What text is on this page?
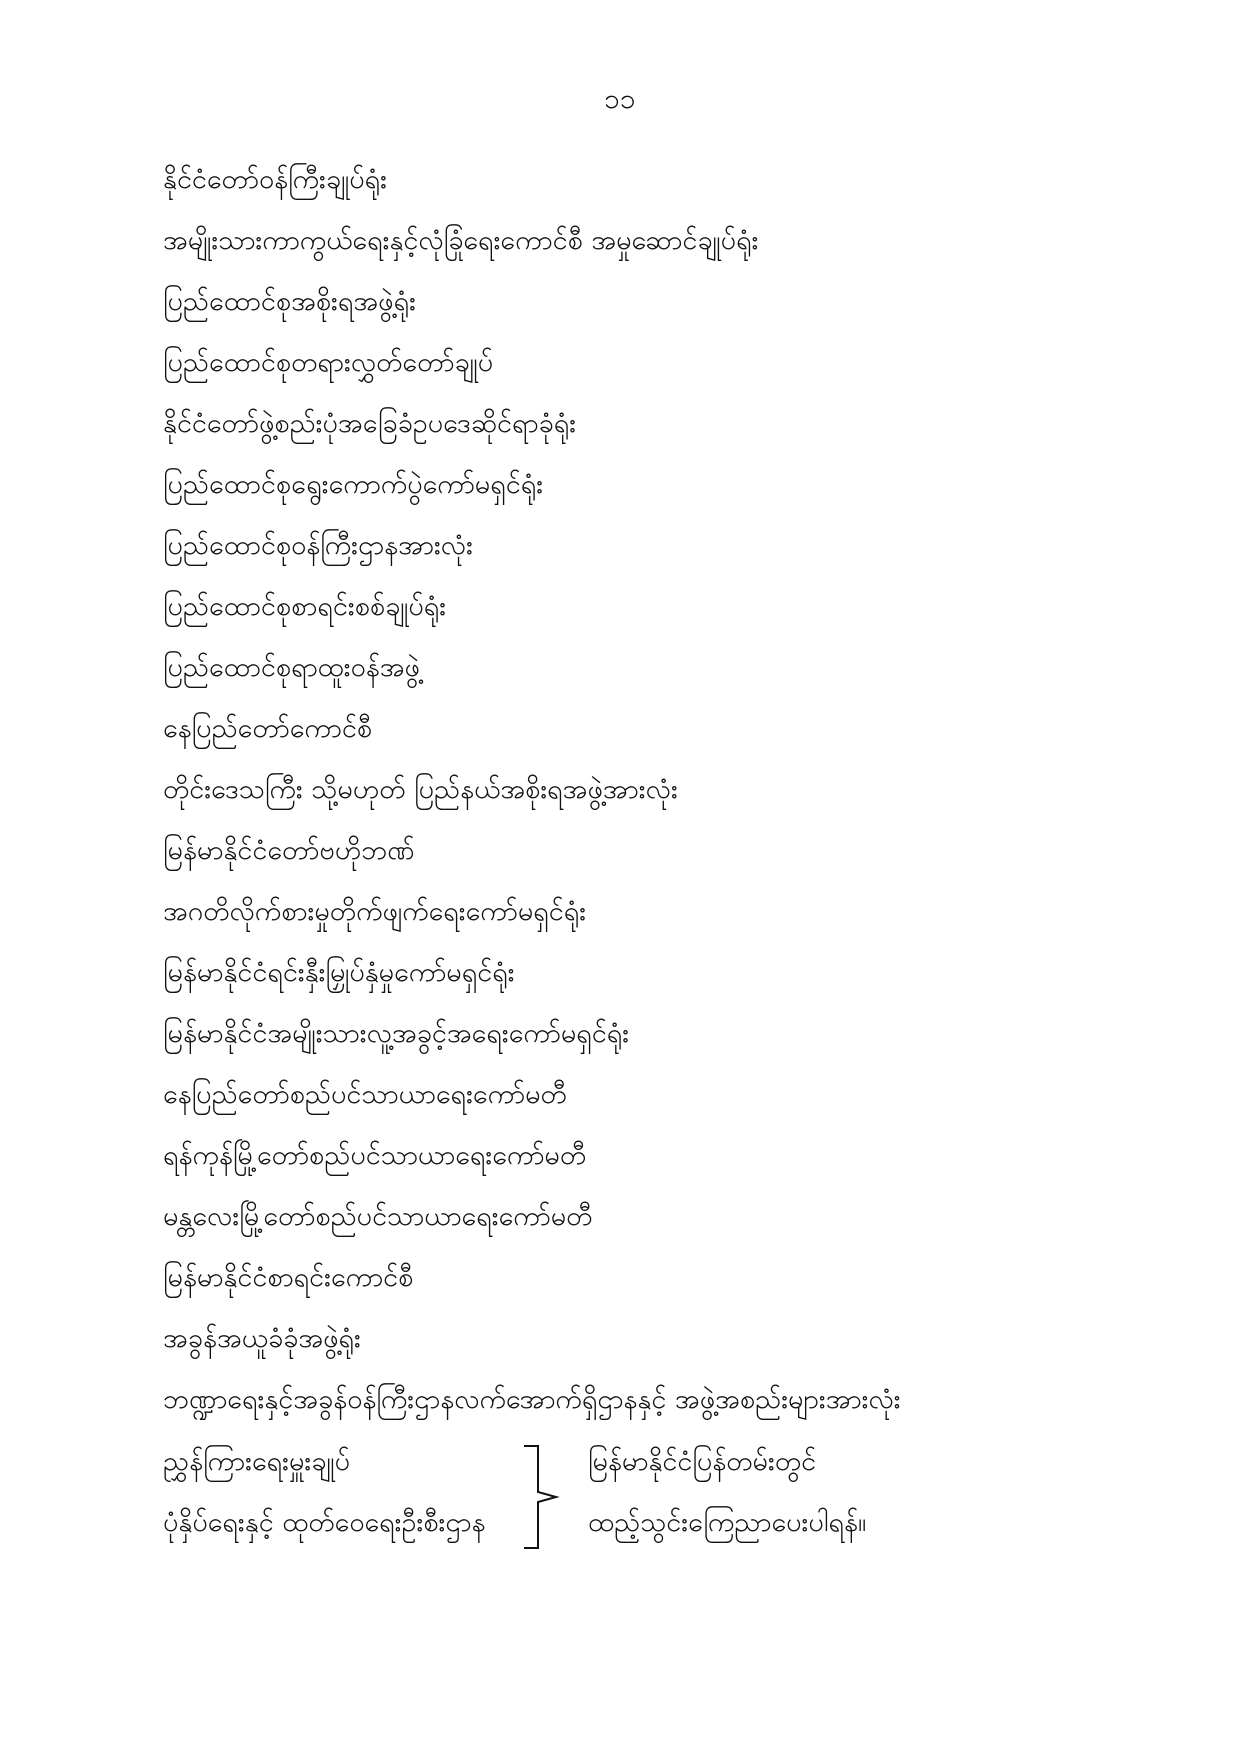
၁၁
နိုင်ငံတော်ဝန်ကြီးချုပ်ရုံး
အမျိုးသားကာကွယ်ရေးနှင့်လုံခြုံရေးကောင်စီ အမှုဆောင်ချုပ်ရုံး
ပြည်ထောင်စုအစိုးရအဖွဲ့ရုံး
ပြည်ထောင်စုတရားလွှတ်တော်ချုပ်
နိုင်ငံတော်ဖွဲ့စည်းပုံအခြေခံဥပဒေဆိုင်ရာခုံရုံး
ပြည်ထောင်စုရွေးကောက်ပွဲကော်မရှင်ရုံး
ပြည်ထောင်စုဝန်ကြီးဌာနအားလုံး
ပြည်ထောင်စုစာရင်းစစ်ချုပ်ရုံး
ပြည်ထောင်စုရာထူးဝန်အဖွဲ့
နေပြည်တော်ကောင်စီ
တိုင်းဒေသကြီး သို့မဟုတ် ပြည်နယ်အစိုးရအဖွဲ့အားလုံး
မြန်မာနိုင်ငံတော်ဗဟိုဘဏ်
အဂတိလိုက်စားမှုတိုက်ဖျက်ရေးကော်မရှင်ရုံး
မြန်မာနိုင်ငံရင်းနှီးမြှုပ်နှံမှုကော်မရှင်ရုံး
မြန်မာနိုင်ငံအမျိုးသားလူ့အခွင့်အရေးကော်မရှင်ရုံး
နေပြည်တော်စည်ပင်သာယာရေးကော်မတီ
ရန်ကုန်မြို့တော်စည်ပင်သာယာရေးကော်မတီ
မန္တလေးမြို့တော်စည်ပင်သာယာရေးကော်မတီ
မြန်မာနိုင်ငံစာရင်းကောင်စီ
အခွန်အယူခံခုံအဖွဲ့ရုံး
ဘဏ္ဍာရေးနှင့်အခွန်ဝန်ကြီးဌာနလက်အောက်ရှိဌာနနှင့် အဖွဲ့အစည်းများအားလုံး
ညွှန်ကြားရေးမှူးချုပ်
ပုံနှိပ်ရေးနှင့် ထုတ်ဝေရေးဦးစီးဌာန
မြန်မာနိုင်ငံပြန်တမ်းတွင်
ထည့်သွင်းကြေညာပေးပါရန်။
